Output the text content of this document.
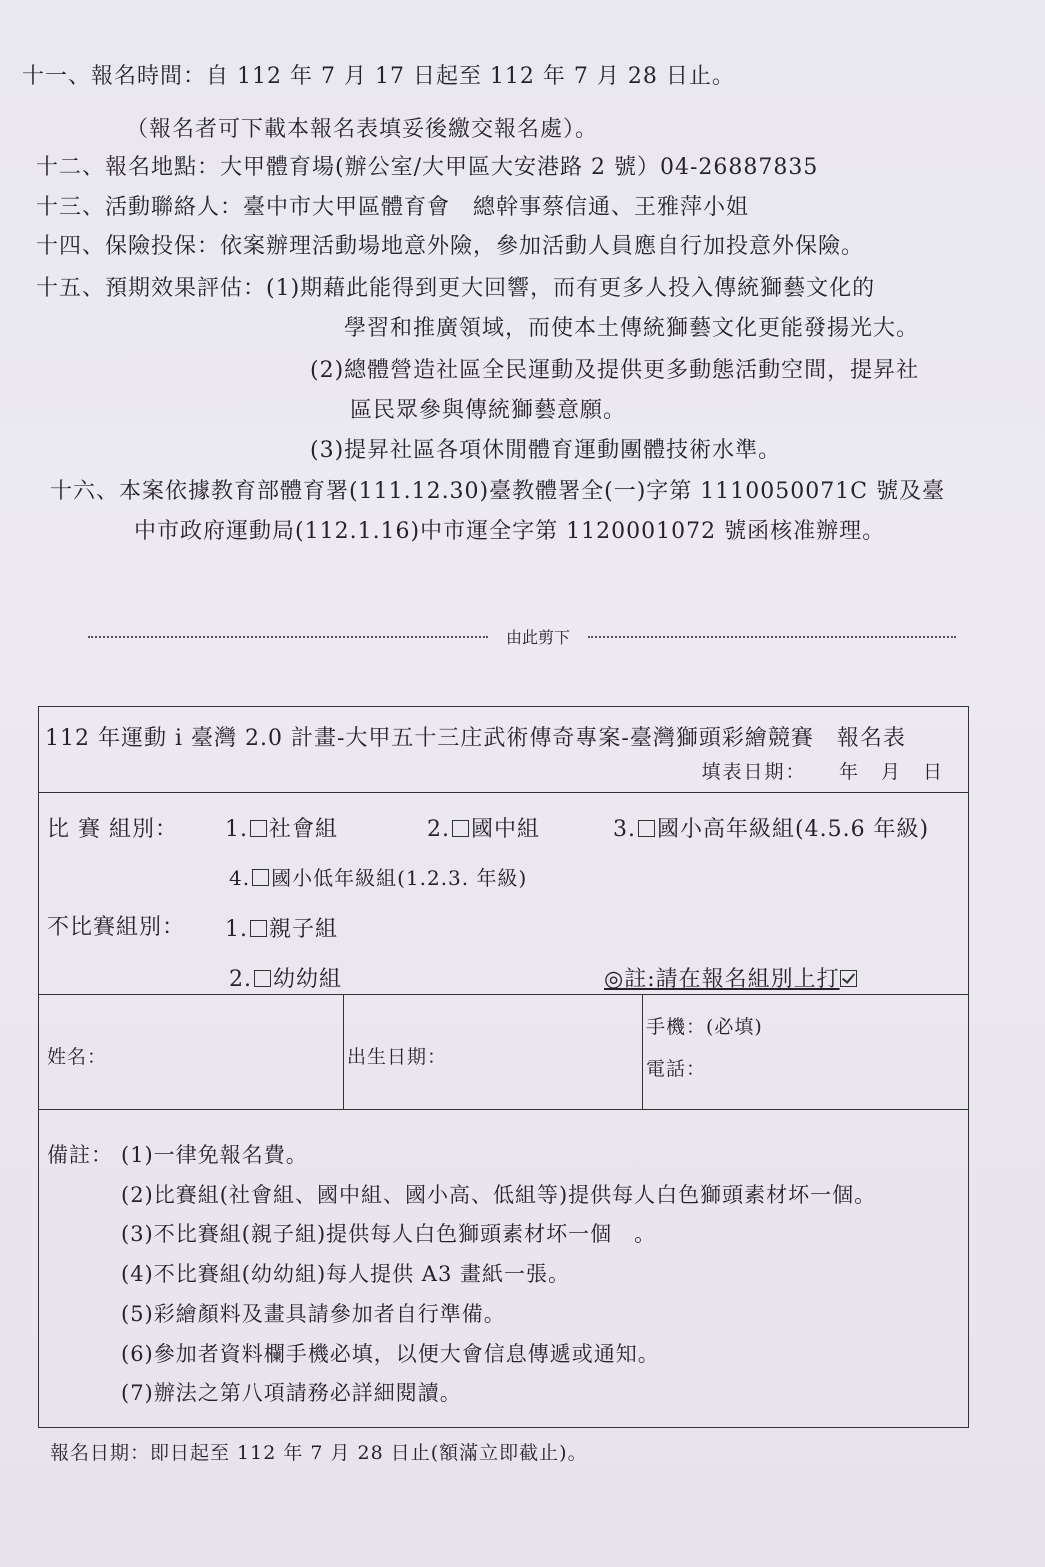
十一、報名時間：自 112 年 7 月 17 日起至 112 年 7 月 28 日止。
（報名者可下載本報名表填妥後繳交報名處）。
十二、報名地點：大甲體育場(辦公室/大甲區大安港路 2 號）04-26887835
十三、活動聯絡人：臺中市大甲區體育會　總幹事蔡信通、王雅萍小姐
十四、保險投保：依案辦理活動場地意外險，參加活動人員應自行加投意外保險。
十五、預期效果評估：(1)期藉此能得到更大回響，而有更多人投入傳統獅藝文化的
學習和推廣領域，而使本土傳統獅藝文化更能發揚光大。
(2)總體營造社區全民運動及提供更多動態活動空間，提昇社
區民眾參與傳統獅藝意願。
(3)提昇社區各項休閒體育運動團體技術水準。
十六、本案依據教育部體育署(111.12.30)臺教體署全(一)字第 1110050071C 號及臺
中市政府運動局(112.1.16)中市運全字第 1120001072 號函核准辦理。
由此剪下
112 年運動 i 臺灣 2.0 計畫-大甲五十三庄武術傳奇專案-臺灣獅頭彩繪競賽　報名表
填表日期：　　年　月　日
比 賽 組別： 1. 社會組	2. 國中組	3. 國小高年級組(4.5.6 年級)
4. 國小低年級組(1.2.3. 年級)
不比賽組別： 1. 親子組
2. 幼幼組	◎註:請在報名組別上打
姓名：	出生日期：
手機：(必填)
電話：
備註： (1)一律免報名費。
(2)比賽組(社會組、國中組、國小高、低組等)提供每人白色獅頭素材坏一個。
(3)不比賽組(親子組)提供每人白色獅頭素材坏一個　。
(4)不比賽組(幼幼組)每人提供 A3 畫紙一張。
(5)彩繪顏料及畫具請參加者自行準備。
(6)參加者資料欄手機必填，以便大會信息傳遞或通知。
(7)辦法之第八項請務必詳細閱讀。
報名日期：即日起至 112 年 7 月 28 日止(額滿立即截止)。
